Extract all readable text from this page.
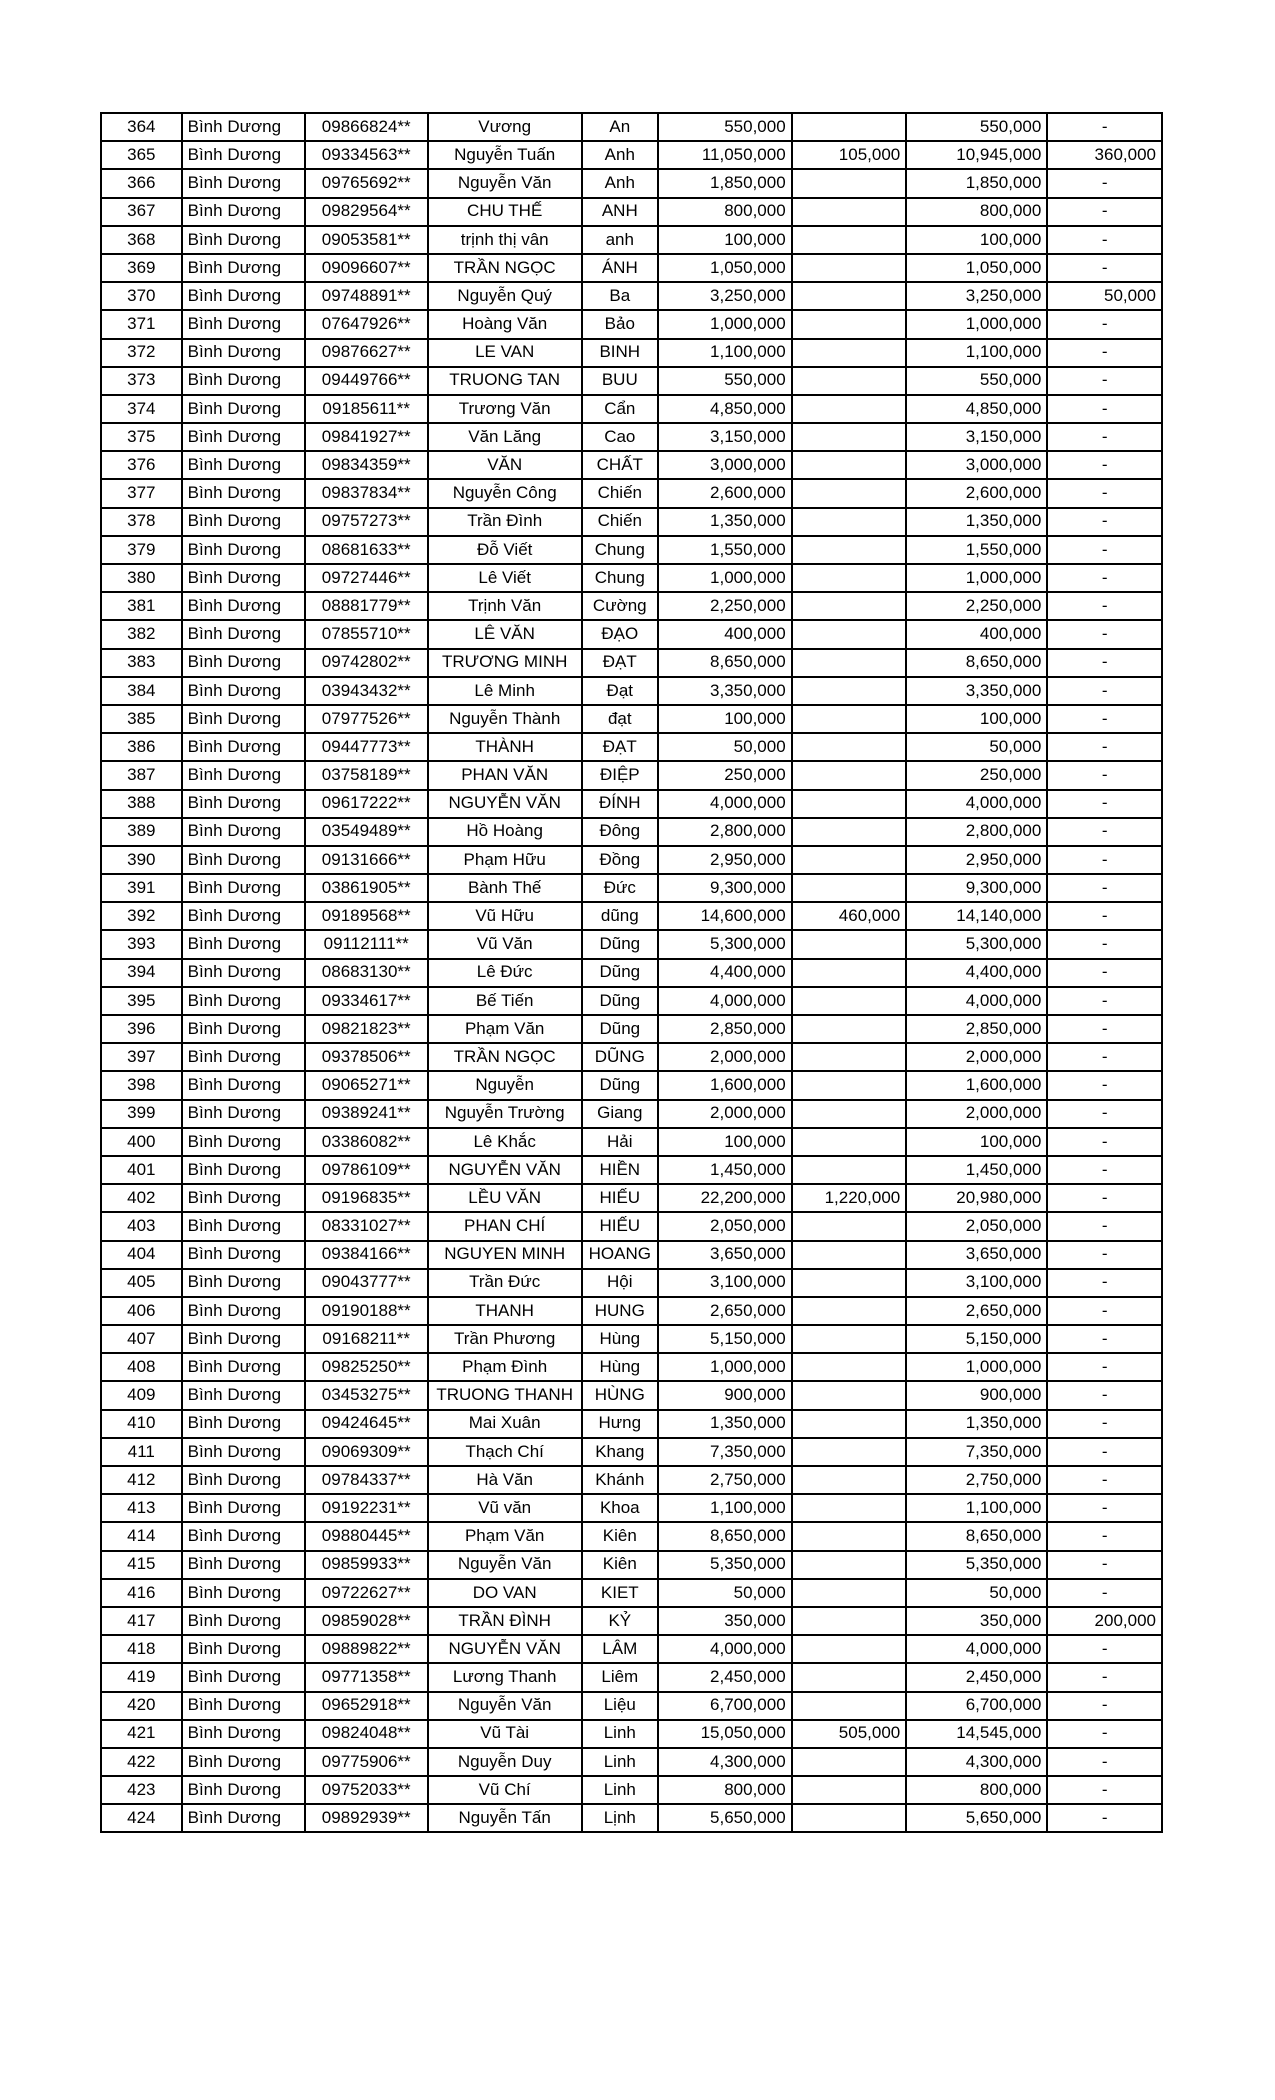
364	Bình Dương	09866824**	Vương	An	550,000		550,000	-
365	Bình Dương	09334563**	Nguyễn Tuấn	Anh	11,050,000	105,000	10,945,000	360,000
366	Bình Dương	09765692**	Nguyễn Văn	Anh	1,850,000		1,850,000	-
367	Bình Dương	09829564**	CHU THẾ	ANH	800,000		800,000	-
368	Bình Dương	09053581**	trịnh thị vân	anh	100,000		100,000	-
369	Bình Dương	09096607**	TRẦN NGỌC	ÁNH	1,050,000		1,050,000	-
370	Bình Dương	09748891**	Nguyễn Quý	Ba	3,250,000		3,250,000	50,000
371	Bình Dương	07647926**	Hoàng Văn	Bảo	1,000,000		1,000,000	-
372	Bình Dương	09876627**	LE VAN	BINH	1,100,000		1,100,000	-
373	Bình Dương	09449766**	TRUONG TAN	BUU	550,000		550,000	-
374	Bình Dương	09185611**	Trương Văn	Cẩn	4,850,000		4,850,000	-
375	Bình Dương	09841927**	Văn Lăng	Cao	3,150,000		3,150,000	-
376	Bình Dương	09834359**	VĂN	CHẤT	3,000,000		3,000,000	-
377	Bình Dương	09837834**	Nguyễn Công	Chiến	2,600,000		2,600,000	-
378	Bình Dương	09757273**	Trần Đình	Chiến	1,350,000		1,350,000	-
379	Bình Dương	08681633**	Đỗ Viết	Chung	1,550,000		1,550,000	-
380	Bình Dương	09727446**	Lê Viết	Chung	1,000,000		1,000,000	-
381	Bình Dương	08881779**	Trịnh Văn	Cường	2,250,000		2,250,000	-
382	Bình Dương	07855710**	LÊ VĂN	ĐẠO	400,000		400,000	-
383	Bình Dương	09742802**	TRƯƠNG MINH	ĐẠT	8,650,000		8,650,000	-
384	Bình Dương	03943432**	Lê Minh	Đạt	3,350,000		3,350,000	-
385	Bình Dương	07977526**	Nguyễn Thành	đạt	100,000		100,000	-
386	Bình Dương	09447773**	THÀNH	ĐẠT	50,000		50,000	-
387	Bình Dương	03758189**	PHAN VĂN	ĐIỆP	250,000		250,000	-
388	Bình Dương	09617222**	NGUYỄN VĂN	ĐÍNH	4,000,000		4,000,000	-
389	Bình Dương	03549489**	Hồ Hoàng	Đông	2,800,000		2,800,000	-
390	Bình Dương	09131666**	Phạm Hữu	Đồng	2,950,000		2,950,000	-
391	Bình Dương	03861905**	Bành Thế	Đức	9,300,000		9,300,000	-
392	Bình Dương	09189568**	Vũ Hữu	dũng	14,600,000	460,000	14,140,000	-
393	Bình Dương	09112111**	Vũ Văn	Dũng	5,300,000		5,300,000	-
394	Bình Dương	08683130**	Lê Đức	Dũng	4,400,000		4,400,000	-
395	Bình Dương	09334617**	Bế Tiến	Dũng	4,000,000		4,000,000	-
396	Bình Dương	09821823**	Phạm Văn	Dũng	2,850,000		2,850,000	-
397	Bình Dương	09378506**	TRẦN NGỌC	DŨNG	2,000,000		2,000,000	-
398	Bình Dương	09065271**	Nguyễn	Dũng	1,600,000		1,600,000	-
399	Bình Dương	09389241**	Nguyễn Trường	Giang	2,000,000		2,000,000	-
400	Bình Dương	03386082**	Lê Khắc	Hải	100,000		100,000	-
401	Bình Dương	09786109**	NGUYỄN VĂN	HIỀN	1,450,000		1,450,000	-
402	Bình Dương	09196835**	LỀU VĂN	HIẾU	22,200,000	1,220,000	20,980,000	-
403	Bình Dương	08331027**	PHAN CHÍ	HIẾU	2,050,000		2,050,000	-
404	Bình Dương	09384166**	NGUYEN MINH	HOANG	3,650,000		3,650,000	-
405	Bình Dương	09043777**	Trần Đức	Hội	3,100,000		3,100,000	-
406	Bình Dương	09190188**	THANH	HUNG	2,650,000		2,650,000	-
407	Bình Dương	09168211**	Trần Phương	Hùng	5,150,000		5,150,000	-
408	Bình Dương	09825250**	Phạm Đình	Hùng	1,000,000		1,000,000	-
409	Bình Dương	03453275**	TRUONG THANH	HÙNG	900,000		900,000	-
410	Bình Dương	09424645**	Mai Xuân	Hưng	1,350,000		1,350,000	-
411	Bình Dương	09069309**	Thạch Chí	Khang	7,350,000		7,350,000	-
412	Bình Dương	09784337**	Hà Văn	Khánh	2,750,000		2,750,000	-
413	Bình Dương	09192231**	Vũ văn	Khoa	1,100,000		1,100,000	-
414	Bình Dương	09880445**	Phạm Văn	Kiên	8,650,000		8,650,000	-
415	Bình Dương	09859933**	Nguyễn Văn	Kiên	5,350,000		5,350,000	-
416	Bình Dương	09722627**	DO VAN	KIET	50,000		50,000	-
417	Bình Dương	09859028**	TRẦN ĐÌNH	KỶ	350,000		350,000	200,000
418	Bình Dương	09889822**	NGUYỄN VĂN	LÂM	4,000,000		4,000,000	-
419	Bình Dương	09771358**	Lương Thanh	Liêm	2,450,000		2,450,000	-
420	Bình Dương	09652918**	Nguyễn Văn	Liệu	6,700,000		6,700,000	-
421	Bình Dương	09824048**	Vũ Tài	Linh	15,050,000	505,000	14,545,000	-
422	Bình Dương	09775906**	Nguyễn Duy	Linh	4,300,000		4,300,000	-
423	Bình Dương	09752033**	Vũ Chí	Linh	800,000		800,000	-
424	Bình Dương	09892939**	Nguyễn Tấn	Lịnh	5,650,000		5,650,000	-
